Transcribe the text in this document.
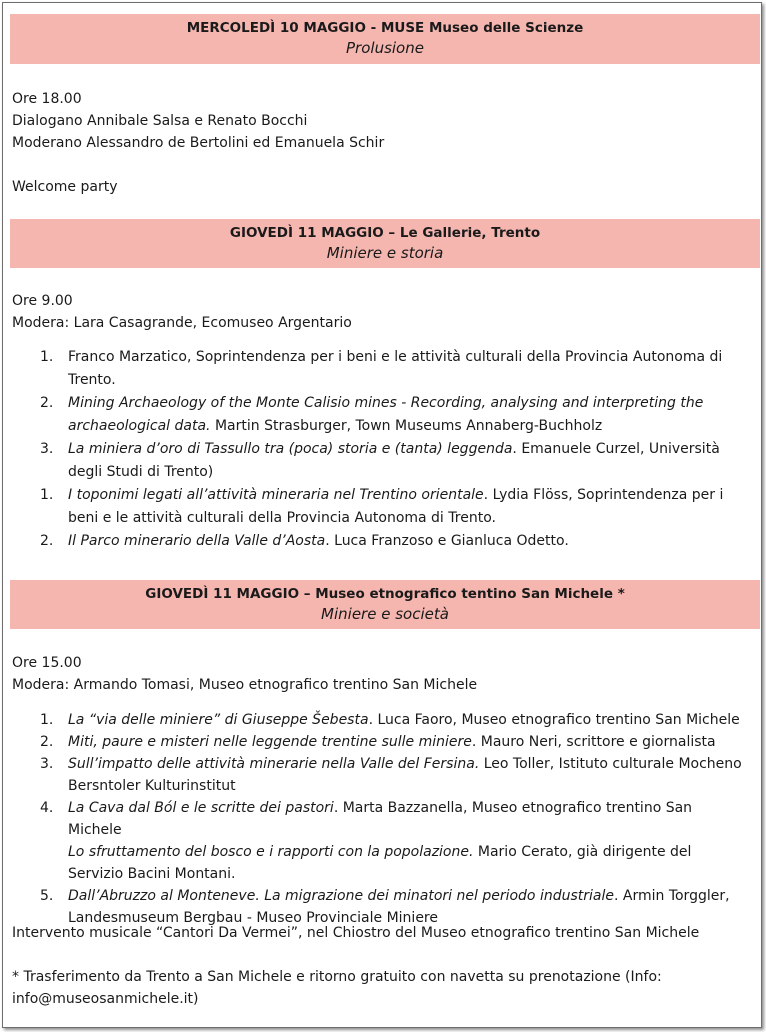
MERCOLEDÌ 10 MAGGIO - MUSE Museo delle Scienze
Prolusione

Ore 18.00

Dialogano Annibale Salsa e Renato Bocchi

Moderano Alessandro de Bertolini ed Emanuela Schir

Welcome party

GIOVEDÌ 11 MAGGIO – Le Gallerie, Trento
Miniere e storia

Ore 9.00

Modera: Lara Casagrande, Ecomuseo Argentario

1. Franco Marzatico, Soprintendenza per i beni e le attività culturali della Provincia Autonoma di Trento.
2. Mining Archaeology of the Monte Calisio mines - Recording, analysing and interpreting the archaeological data. Martin Strasburger, Town Museums Annaberg-Buchholz
3. La miniera d’oro di Tassullo tra (poca) storia e (tanta) leggenda. Emanuele Curzel, Università degli Studi di Trento)
1. I toponimi legati all’attività mineraria nel Trentino orientale. Lydia Flöss, Soprintendenza per i beni e le attività culturali della Provincia Autonoma di Trento.
2. Il Parco minerario della Valle d’Aosta. Luca Franzoso e Gianluca Odetto.
GIOVEDÌ 11 MAGGIO – Museo etnografico tentino San Michele *
Miniere e società

Ore 15.00

Modera: Armando Tomasi, Museo etnografico trentino San Michele

1. La “via delle miniere” di Giuseppe Šebesta. Luca Faoro, Museo etnografico trentino San Michele
2. Miti, paure e misteri nelle leggende trentine sulle miniere. Mauro Neri, scrittore e giornalista
3. Sull’impatto delle attività minerarie nella Valle del Fersina. Leo Toller, Istituto culturale Mocheno Bersntoler Kulturinstitut
4. La Cava dal Ból e le scritte dei pastori. Marta Bazzanella, Museo etnografico trentino San Michele
Lo sfruttamento del bosco e i rapporti con la popolazione. Mario Cerato, già dirigente del Servizio Bacini Montani.
5. Dall’Abruzzo al Monteneve. La migrazione dei minatori nel periodo industriale. Armin Torggler, Landesmuseum Bergbau - Museo Provinciale Miniere

Intervento musicale “Cantori Da Vermei”, nel Chiostro del Museo etnografico trentino San Michele

* Trasferimento da Trento a San Michele e ritorno gratuito con navetta su prenotazione (Info: info@museosanmichele.it)
